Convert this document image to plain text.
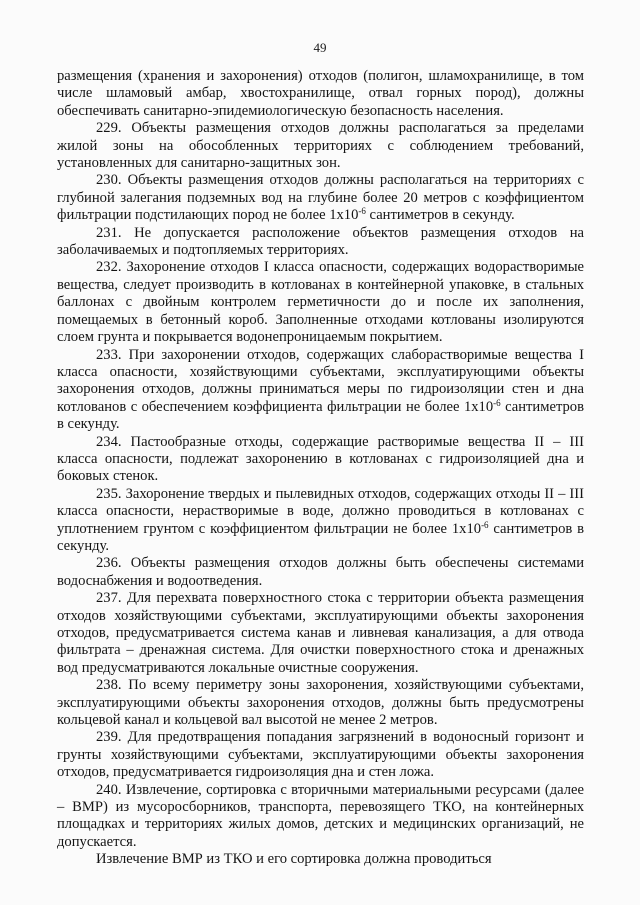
49

размещения (хранения и захоронения) отходов (полигон, шламохранилище, в том числе шламовый амбар, хвостохранилище, отвал горных пород), должны обеспечивать санитарно-эпидемиологическую безопасность населения.

229. Объекты размещения отходов должны располагаться за пределами жилой зоны на обособленных территориях с соблюдением требований, установленных для санитарно-защитных зон.

230. Объекты размещения отходов должны располагаться на территориях с глубиной залегания подземных вод на глубине более 20 метров с коэффициентом фильтрации подстилающих пород не более $1х10^{-6}$ сантиметров в секунду.

231. Не допускается расположение объектов размещения отходов на заболачиваемых и подтопляемых территориях.

232. Захоронение отходов I класса опасности, содержащих водорастворимые вещества, следует производить в котлованах в контейнерной упаковке, в стальных баллонах с двойным контролем герметичности до и после их заполнения, помещаемых в бетонный короб. Заполненные отходами котлованы изолируются слоем грунта и покрывается водонепроницаемым покрытием.

233. При захоронении отходов, содержащих слаборастворимые вещества I класса опасности, хозяйствующими субъектами, эксплуатирующими объекты захоронения отходов, должны приниматься меры по гидроизоляции стен и дна котлованов с обеспечением коэффициента фильтрации не более $1х10^{-6}$ сантиметров в секунду.

234. Пастообразные отходы, содержащие растворимые вещества II – III класса опасности, подлежат захоронению в котлованах с гидроизоляцией дна и боковых стенок.

235. Захоронение твердых и пылевидных отходов, содержащих отходы II – III класса опасности, нерастворимые в воде, должно проводиться в котлованах с уплотнением грунтом с коэффициентом фильтрации не более $1х10^{-6}$ сантиметров в секунду.

236. Объекты размещения отходов должны быть обеспечены системами водоснабжения и водоотведения.

237. Для перехвата поверхностного стока с территории объекта размещения отходов хозяйствующими субъектами, эксплуатирующими объекты захоронения отходов, предусматривается система канав и ливневая канализация, а для отвода фильтрата – дренажная система. Для очистки поверхностного стока и дренажных вод предусматриваются локальные очистные сооружения.

238. По всему периметру зоны захоронения, хозяйствующими субъектами, эксплуатирующими объекты захоронения отходов, должны быть предусмотрены кольцевой канал и кольцевой вал высотой не менее 2 метров.

239. Для предотвращения попадания загрязнений в водоносный горизонт и грунты хозяйствующими субъектами, эксплуатирующими объекты захоронения отходов, предусматривается гидроизоляция дна и стен ложа.

240. Извлечение, сортировка с вторичными материальными ресурсами (далее – ВМР) из мусоросборников, транспорта, перевозящего ТКО, на контейнерных площадках и территориях жилых домов, детских и медицинских организаций, не допускается.

Извлечение ВМР из ТКО и его сортировка должна проводиться
